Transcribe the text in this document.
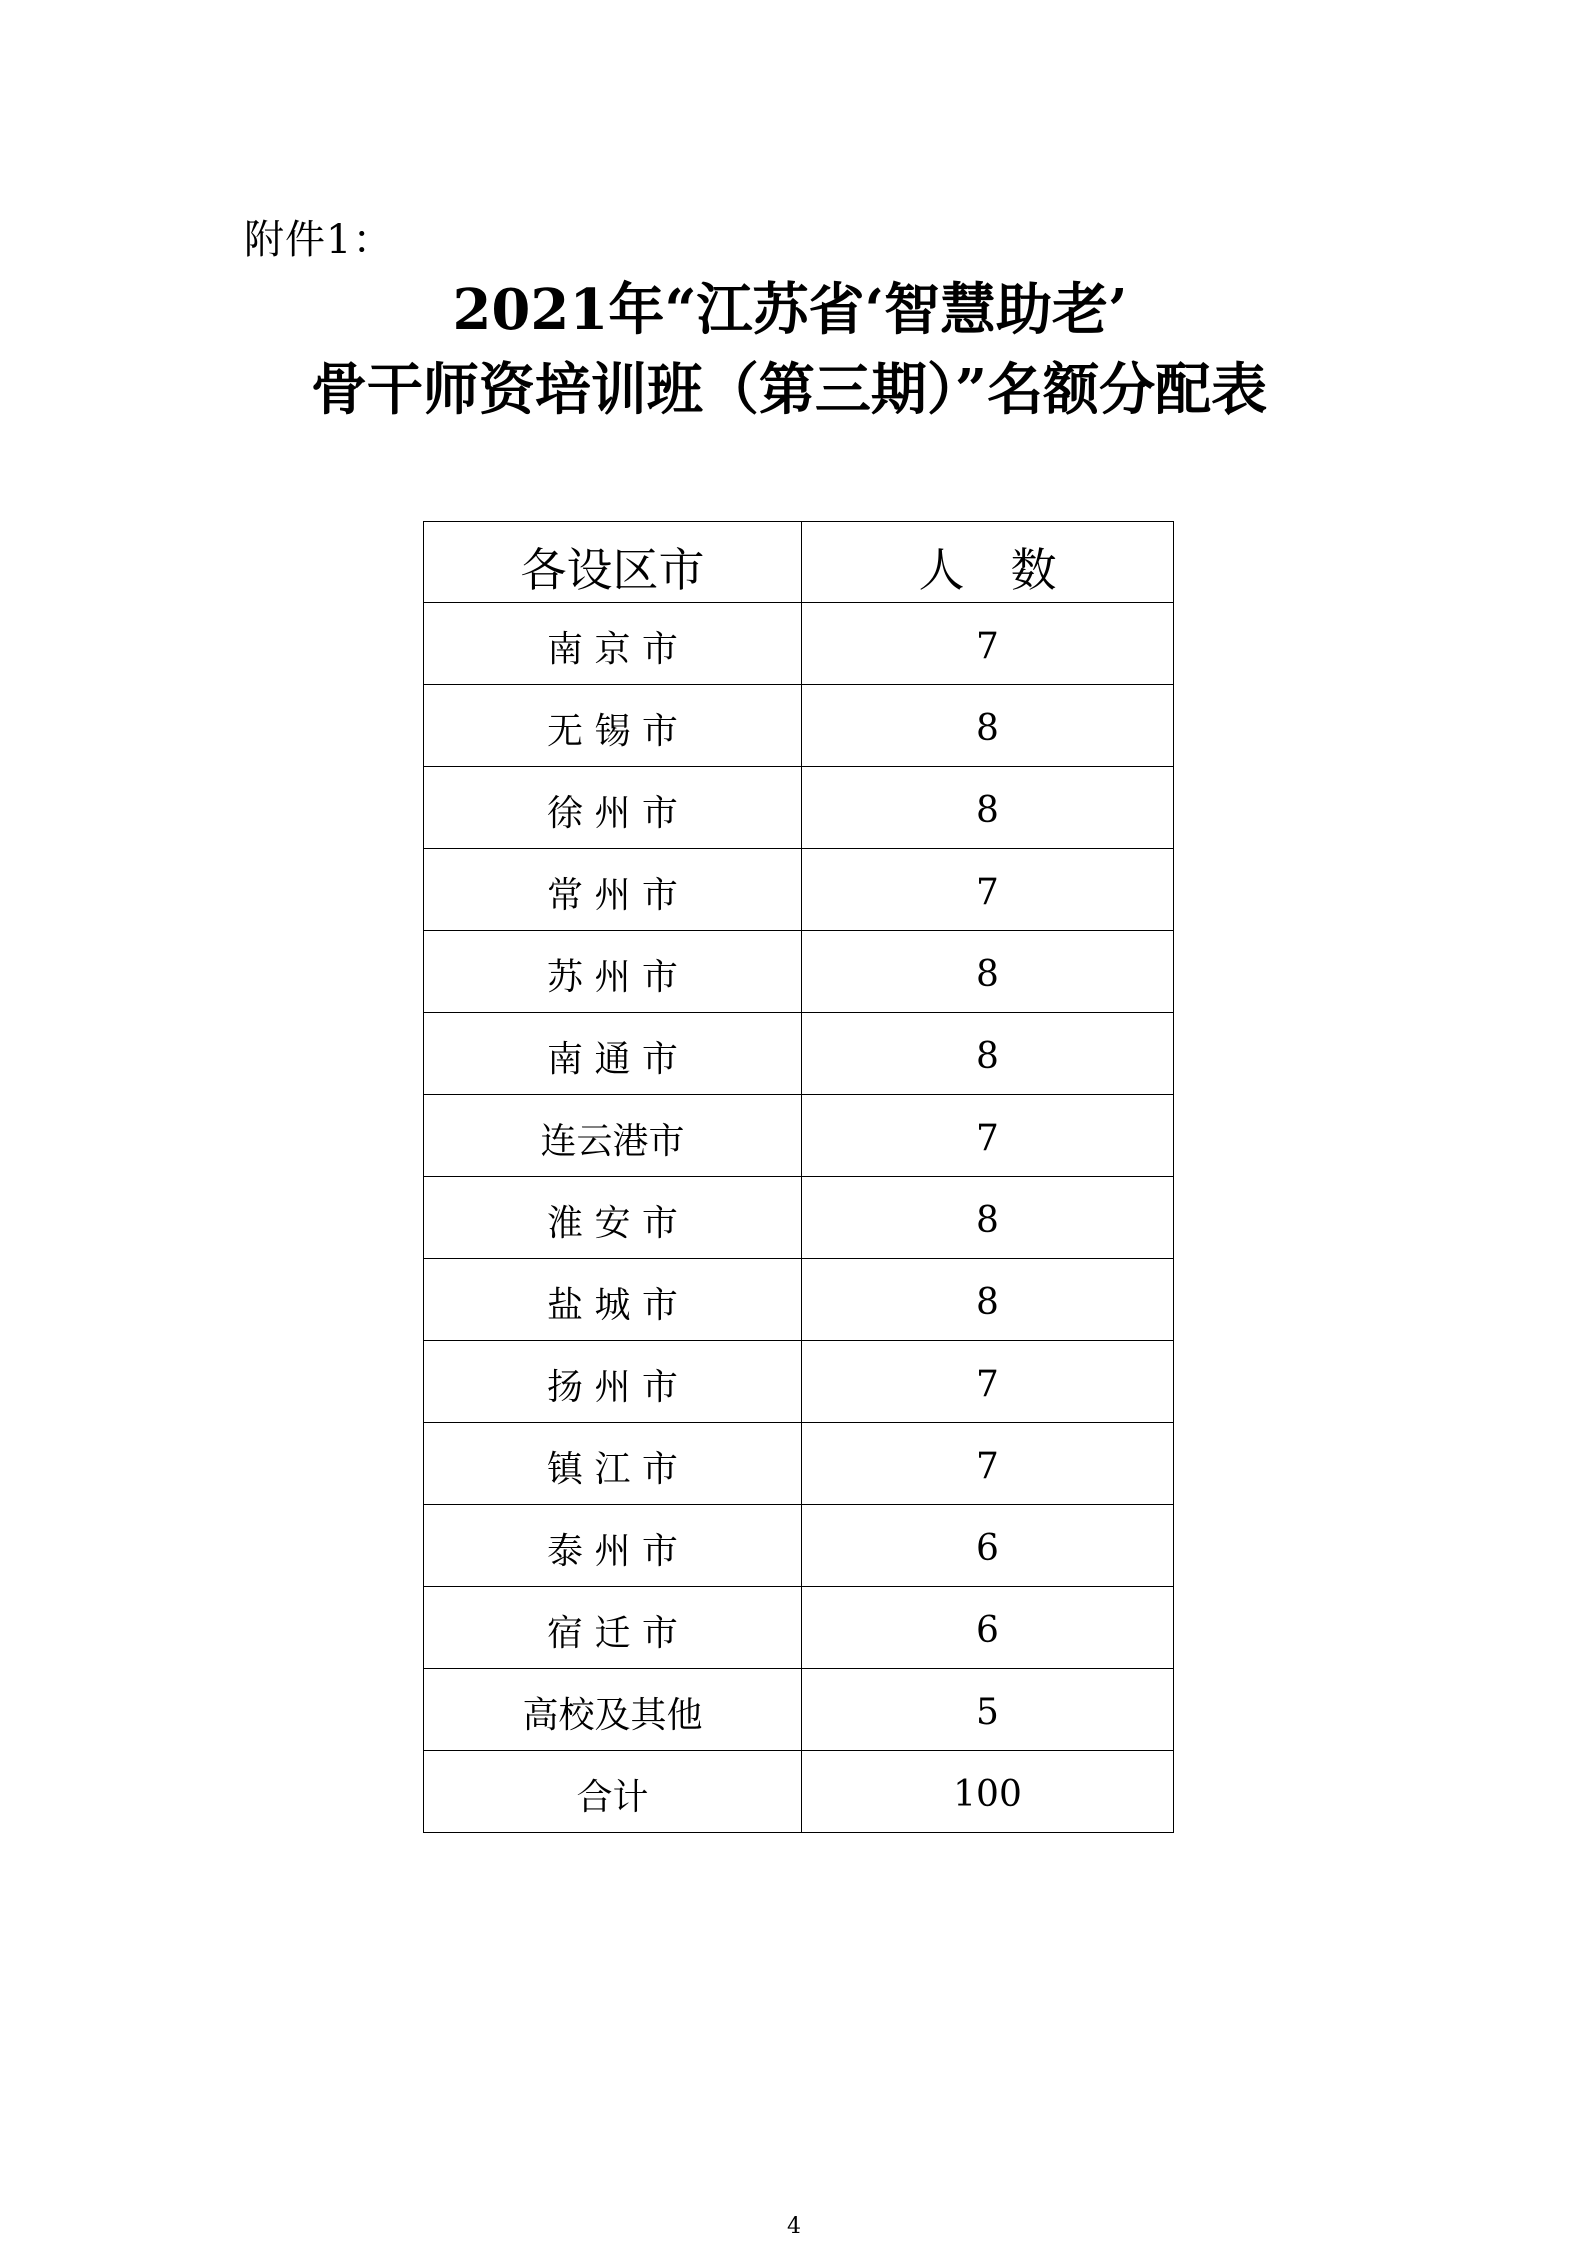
附件1：
2021年“江苏省‘智慧助老’
骨干师资培训班（第三期）”名额分配表
各设区市	人　数
南 京 市	7
无 锡 市	8
徐 州 市	8
常 州 市	7
苏 州 市	8
南 通 市	8
连云港市	7
淮 安 市	8
盐 城 市	8
扬 州 市	7
镇 江 市	7
泰 州 市	6
宿 迁 市	6
高校及其他	5
合计	100
4
